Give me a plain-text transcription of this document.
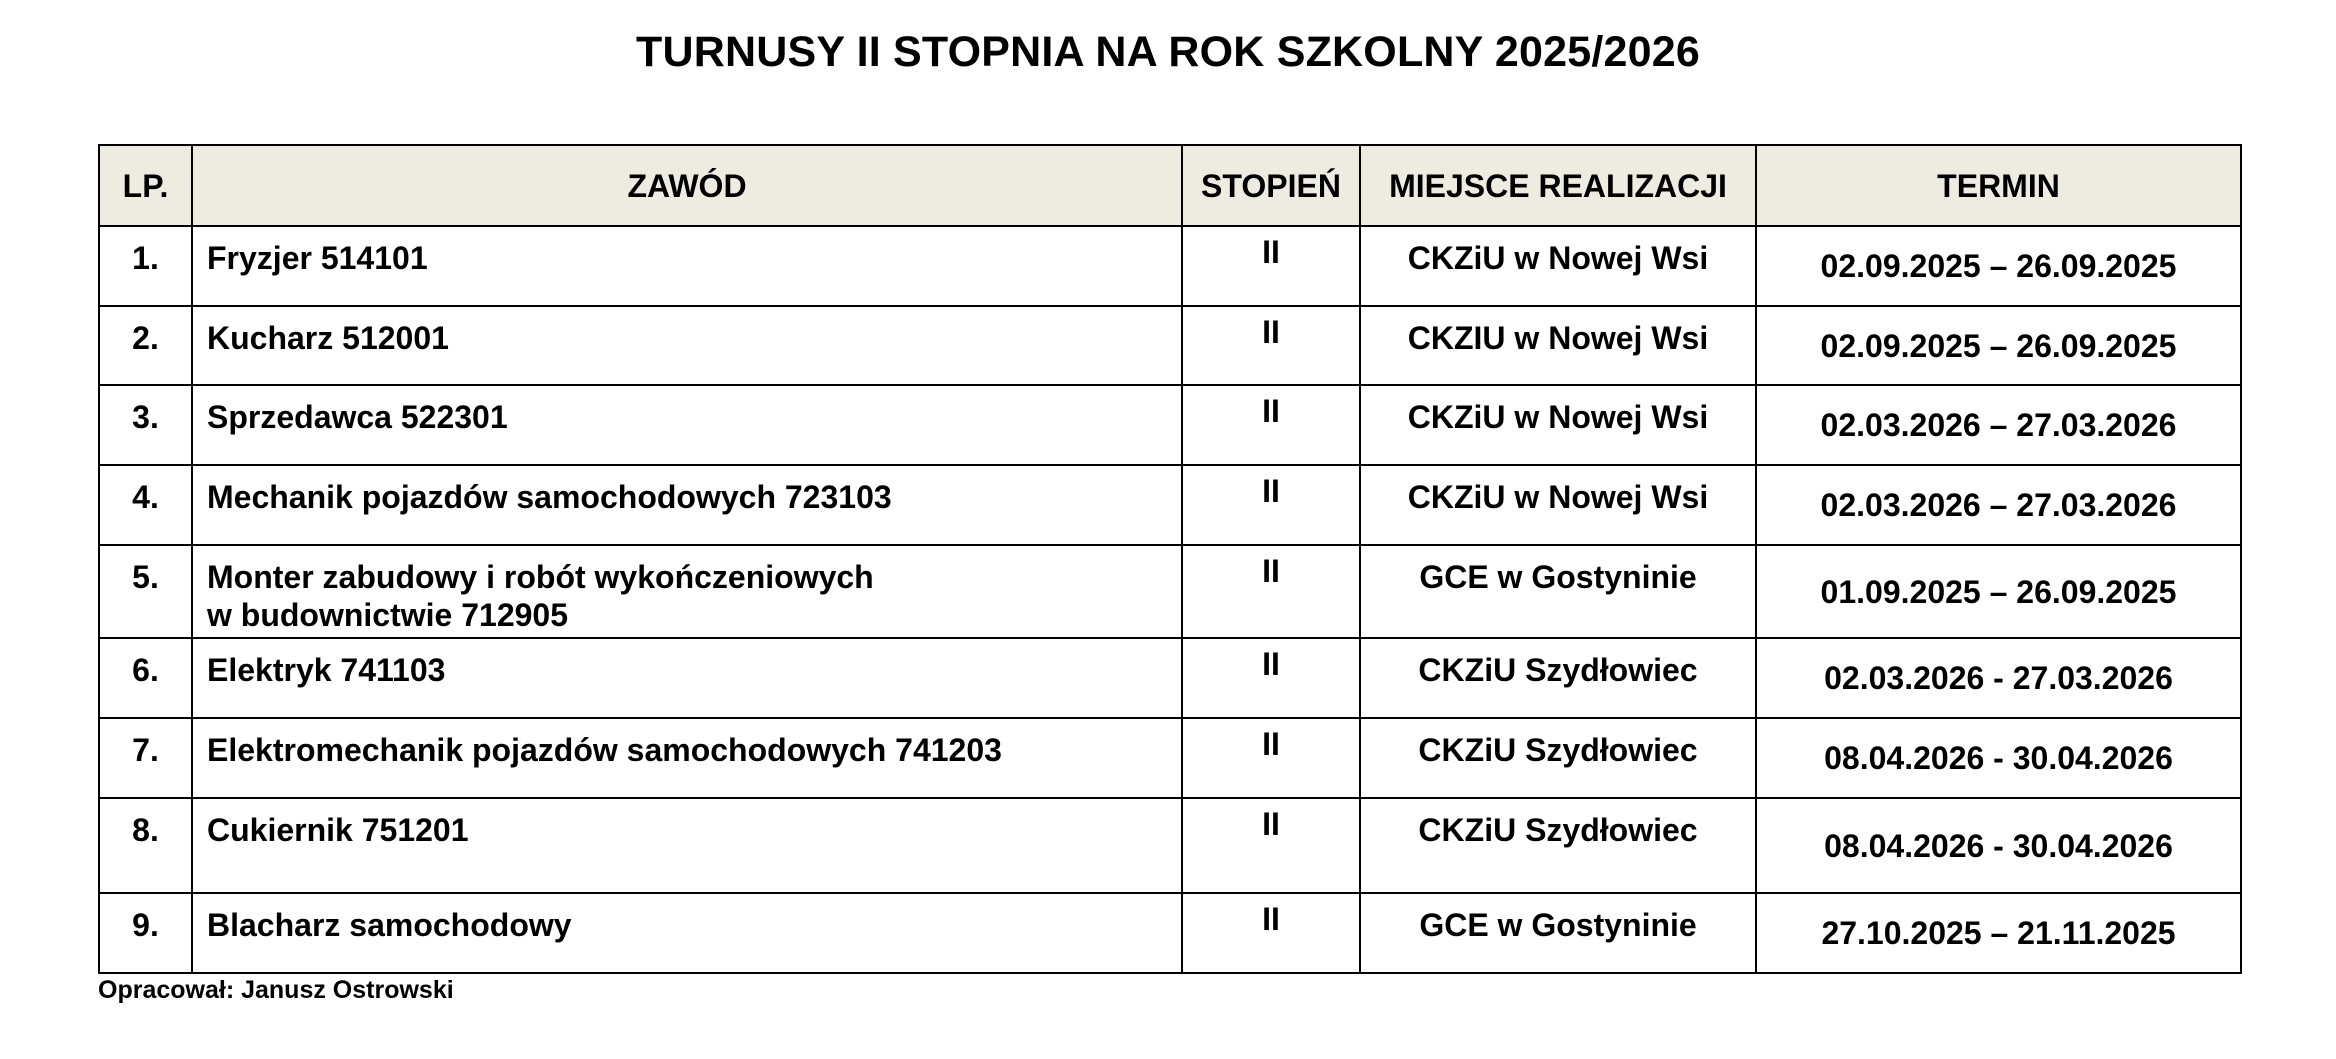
TURNUSY II STOPNIA NA ROK SZKOLNY 2025/2026
LP.	ZAWÓD	STOPIEŃ	MIEJSCE REALIZACJI	TERMIN
1.	Fryzjer 514101	II	CKZiU w Nowej Wsi	02.09.2025 – 26.09.2025
2.	Kucharz 512001	II	CKZIU w Nowej Wsi	02.09.2025 – 26.09.2025
3.	Sprzedawca 522301	II	CKZiU w Nowej Wsi	02.03.2026 – 27.03.2026
4.	Mechanik pojazdów samochodowych 723103	II	CKZiU w Nowej Wsi	02.03.2026 – 27.03.2026
5.	Monter zabudowy i robót wykończeniowych
w budownictwie 712905	II	GCE w Gostyninie	01.09.2025 – 26.09.2025
6.	Elektryk 741103	II	CKZiU Szydłowiec	02.03.2026 - 27.03.2026
7.	Elektromechanik pojazdów samochodowych 741203	II	CKZiU Szydłowiec	08.04.2026 - 30.04.2026
8.	Cukiernik 751201	II	CKZiU Szydłowiec	08.04.2026 - 30.04.2026
9.	Blacharz samochodowy	II	GCE w Gostyninie	27.10.2025 – 21.11.2025
Opracował: Janusz Ostrowski
